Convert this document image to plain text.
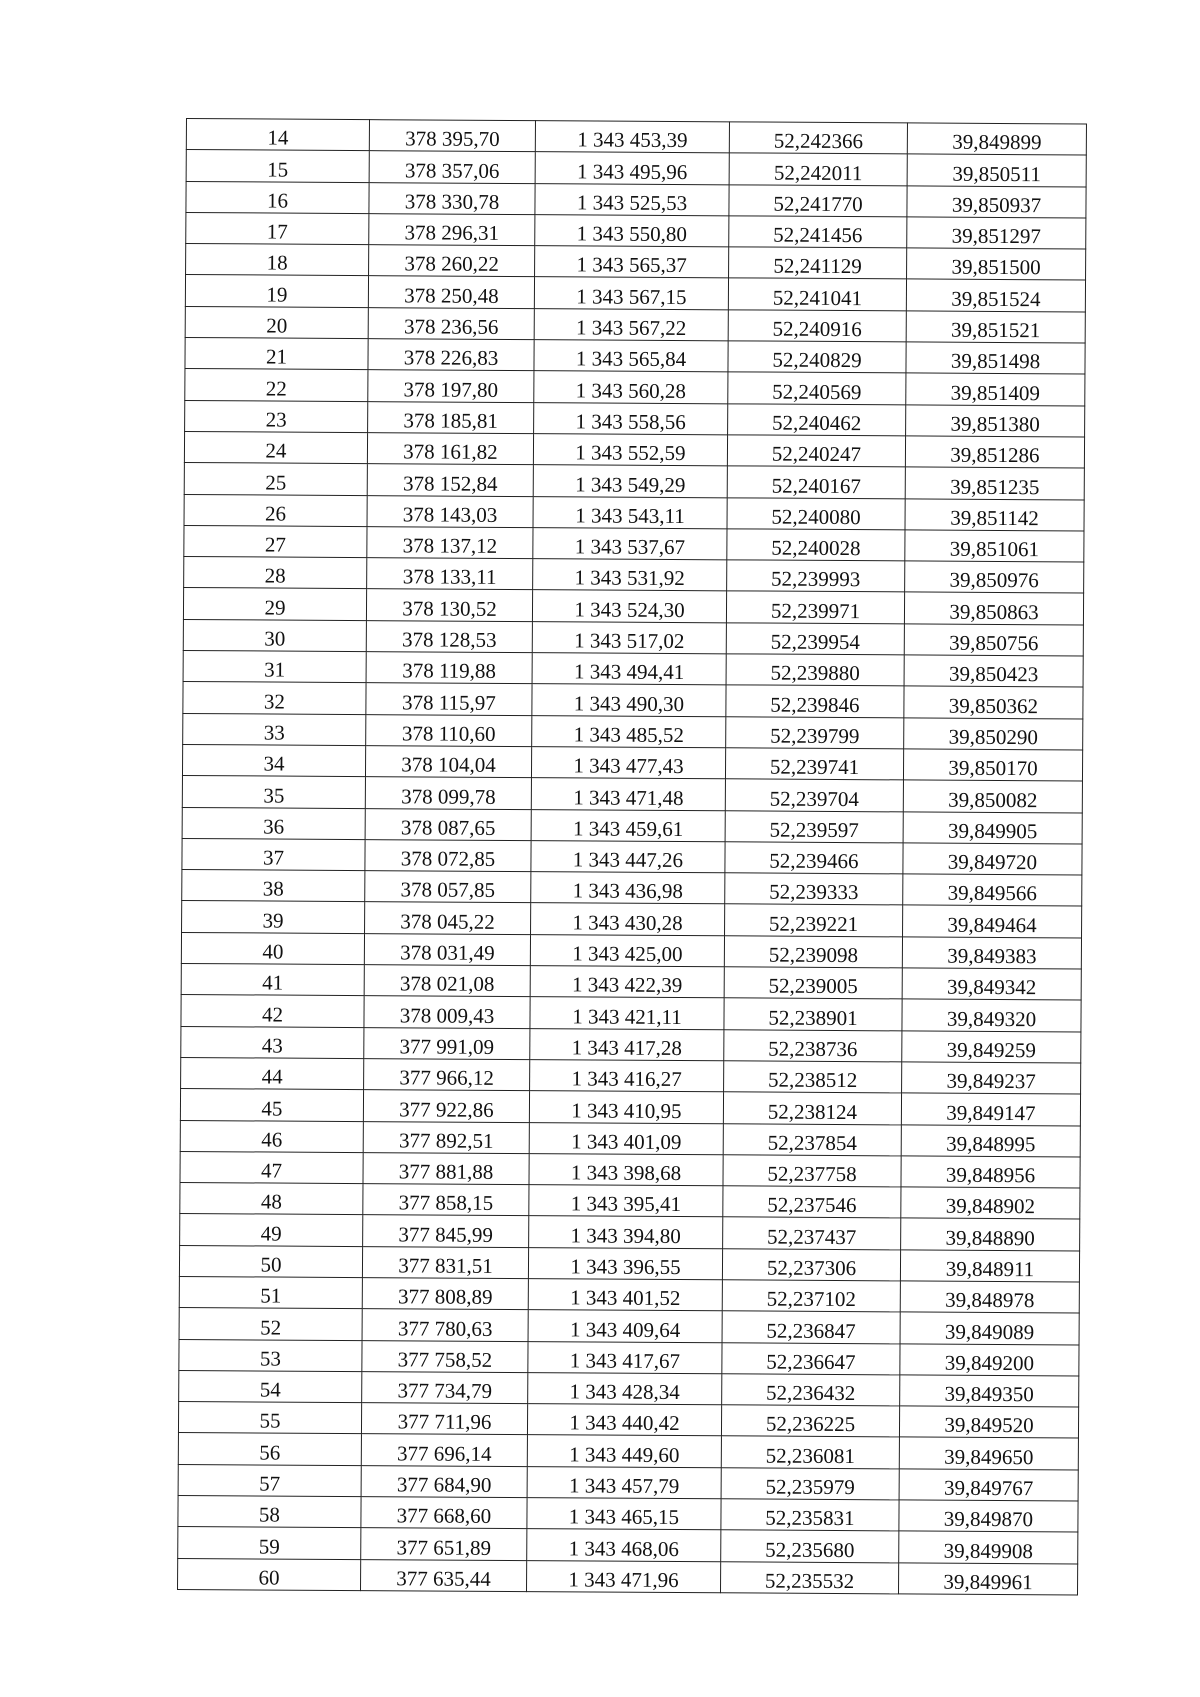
14	378 395,70	1 343 453,39	52,242366	39,849899
15	378 357,06	1 343 495,96	52,242011	39,850511
16	378 330,78	1 343 525,53	52,241770	39,850937
17	378 296,31	1 343 550,80	52,241456	39,851297
18	378 260,22	1 343 565,37	52,241129	39,851500
19	378 250,48	1 343 567,15	52,241041	39,851524
20	378 236,56	1 343 567,22	52,240916	39,851521
21	378 226,83	1 343 565,84	52,240829	39,851498
22	378 197,80	1 343 560,28	52,240569	39,851409
23	378 185,81	1 343 558,56	52,240462	39,851380
24	378 161,82	1 343 552,59	52,240247	39,851286
25	378 152,84	1 343 549,29	52,240167	39,851235
26	378 143,03	1 343 543,11	52,240080	39,851142
27	378 137,12	1 343 537,67	52,240028	39,851061
28	378 133,11	1 343 531,92	52,239993	39,850976
29	378 130,52	1 343 524,30	52,239971	39,850863
30	378 128,53	1 343 517,02	52,239954	39,850756
31	378 119,88	1 343 494,41	52,239880	39,850423
32	378 115,97	1 343 490,30	52,239846	39,850362
33	378 110,60	1 343 485,52	52,239799	39,850290
34	378 104,04	1 343 477,43	52,239741	39,850170
35	378 099,78	1 343 471,48	52,239704	39,850082
36	378 087,65	1 343 459,61	52,239597	39,849905
37	378 072,85	1 343 447,26	52,239466	39,849720
38	378 057,85	1 343 436,98	52,239333	39,849566
39	378 045,22	1 343 430,28	52,239221	39,849464
40	378 031,49	1 343 425,00	52,239098	39,849383
41	378 021,08	1 343 422,39	52,239005	39,849342
42	378 009,43	1 343 421,11	52,238901	39,849320
43	377 991,09	1 343 417,28	52,238736	39,849259
44	377 966,12	1 343 416,27	52,238512	39,849237
45	377 922,86	1 343 410,95	52,238124	39,849147
46	377 892,51	1 343 401,09	52,237854	39,848995
47	377 881,88	1 343 398,68	52,237758	39,848956
48	377 858,15	1 343 395,41	52,237546	39,848902
49	377 845,99	1 343 394,80	52,237437	39,848890
50	377 831,51	1 343 396,55	52,237306	39,848911
51	377 808,89	1 343 401,52	52,237102	39,848978
52	377 780,63	1 343 409,64	52,236847	39,849089
53	377 758,52	1 343 417,67	52,236647	39,849200
54	377 734,79	1 343 428,34	52,236432	39,849350
55	377 711,96	1 343 440,42	52,236225	39,849520
56	377 696,14	1 343 449,60	52,236081	39,849650
57	377 684,90	1 343 457,79	52,235979	39,849767
58	377 668,60	1 343 465,15	52,235831	39,849870
59	377 651,89	1 343 468,06	52,235680	39,849908
60	377 635,44	1 343 471,96	52,235532	39,849961
